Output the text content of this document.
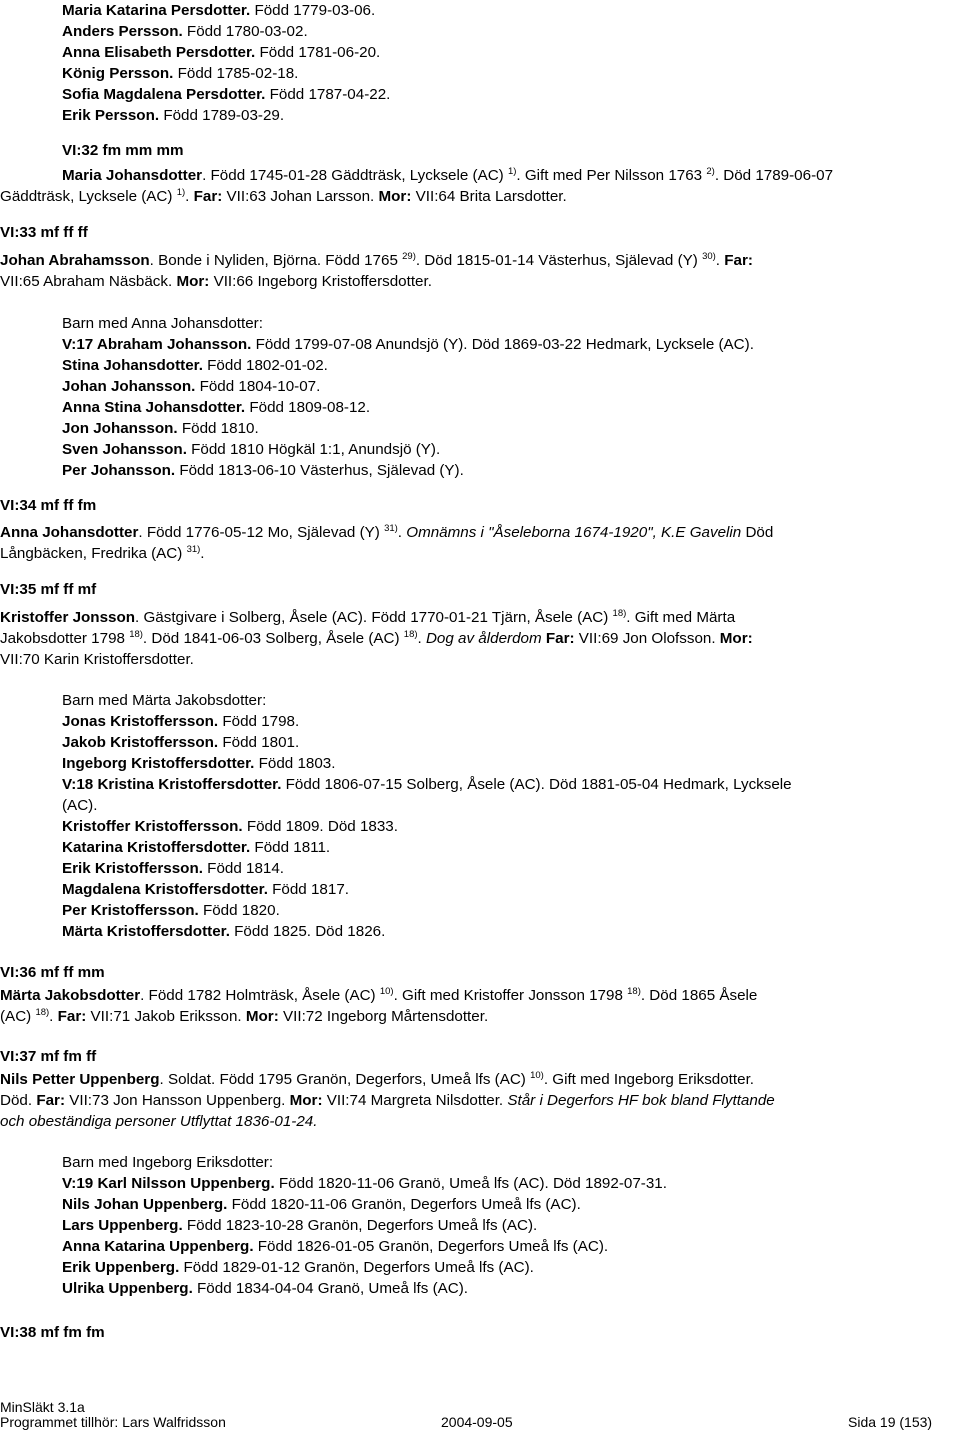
Maria Katarina Persdotter. Född 1779-03-06.
Anders Persson. Född 1780-03-02.
Anna Elisabeth Persdotter. Född 1781-06-20.
König Persson. Född 1785-02-18.
Sofia Magdalena Persdotter. Född 1787-04-22.
Erik Persson. Född 1789-03-29.
VI:32 fm mm mm
Maria Johansdotter. Född 1745-01-28 Gäddträsk, Lycksele (AC) $^{1)}$. Gift med Per Nilsson 1763 $^{2)}$. Död 1789-06-07
Gäddträsk, Lycksele (AC) $^{1)}$. Far: VII:63 Johan Larsson. Mor: VII:64 Brita Larsdotter.
VI:33 mf ff ff
Johan Abrahamsson. Bonde i Nyliden, Björna. Född 1765 $^{29)}$. Död 1815-01-14 Västerhus, Själevad (Y) $^{30)}$. Far:
VII:65 Abraham Näsbäck. Mor: VII:66 Ingeborg Kristoffersdotter.
Barn med Anna Johansdotter:
V:17 Abraham Johansson. Född 1799-07-08 Anundsjö (Y). Död 1869-03-22 Hedmark, Lycksele (AC).
Stina Johansdotter. Född 1802-01-02.
Johan Johansson. Född 1804-10-07.
Anna Stina Johansdotter. Född 1809-08-12.
Jon Johansson. Född 1810.
Sven Johansson. Född 1810 Högkäl 1:1, Anundsjö (Y).
Per Johansson. Född 1813-06-10 Västerhus, Själevad (Y).
VI:34 mf ff fm
Anna Johansdotter. Född 1776-05-12 Mo, Själevad (Y) $^{31)}$. Omnämns i "Åseleborna 1674-1920", K.E Gavelin Död
Långbäcken, Fredrika (AC) $^{31)}$.
VI:35 mf ff mf
Kristoffer Jonsson. Gästgivare i Solberg, Åsele (AC). Född 1770-01-21 Tjärn, Åsele (AC) $^{18)}$. Gift med Märta
Jakobsdotter 1798 $^{18)}$. Död 1841-06-03 Solberg, Åsele (AC) $^{18)}$. Dog av ålderdom Far: VII:69 Jon Olofsson. Mor:
VII:70 Karin Kristoffersdotter.
Barn med Märta Jakobsdotter:
Jonas Kristoffersson. Född 1798.
Jakob Kristoffersson. Född 1801.
Ingeborg Kristoffersdotter. Född 1803.
V:18 Kristina Kristoffersdotter. Född 1806-07-15 Solberg, Åsele (AC). Död 1881-05-04 Hedmark, Lycksele
(AC).
Kristoffer Kristoffersson. Född 1809. Död 1833.
Katarina Kristoffersdotter. Född 1811.
Erik Kristoffersson. Född 1814.
Magdalena Kristoffersdotter. Född 1817.
Per Kristoffersson. Född 1820.
Märta Kristoffersdotter. Född 1825. Död 1826.
VI:36 mf ff mm
Märta Jakobsdotter. Född 1782 Holmträsk, Åsele (AC) $^{10)}$. Gift med Kristoffer Jonsson 1798 $^{18)}$. Död 1865 Åsele
(AC) $^{18)}$. Far: VII:71 Jakob Eriksson. Mor: VII:72 Ingeborg Mårtensdotter.
VI:37 mf fm ff
Nils Petter Uppenberg. Soldat. Född 1795 Granön, Degerfors, Umeå lfs (AC) $^{10)}$. Gift med Ingeborg Eriksdotter.
Död. Far: VII:73 Jon Hansson Uppenberg. Mor: VII:74 Margreta Nilsdotter. Står i Degerfors HF bok bland Flyttande
och obeständiga personer Utflyttat 1836-01-24.
Barn med Ingeborg Eriksdotter:
V:19 Karl Nilsson Uppenberg. Född 1820-11-06 Granö, Umeå lfs (AC). Död 1892-07-31.
Nils Johan Uppenberg. Född 1820-11-06 Granön, Degerfors Umeå lfs (AC).
Lars Uppenberg. Född 1823-10-28 Granön, Degerfors Umeå lfs (AC).
Anna Katarina Uppenberg. Född 1826-01-05 Granön, Degerfors Umeå lfs (AC).
Erik Uppenberg. Född 1829-01-12 Granön, Degerfors Umeå lfs (AC).
Ulrika Uppenberg. Född 1834-04-04 Granö, Umeå lfs (AC).
VI:38 mf fm fm
MinSläkt 3.1a
Programmet tillhör: Lars Walfridsson	2004-09-05	Sida 19 (153)
